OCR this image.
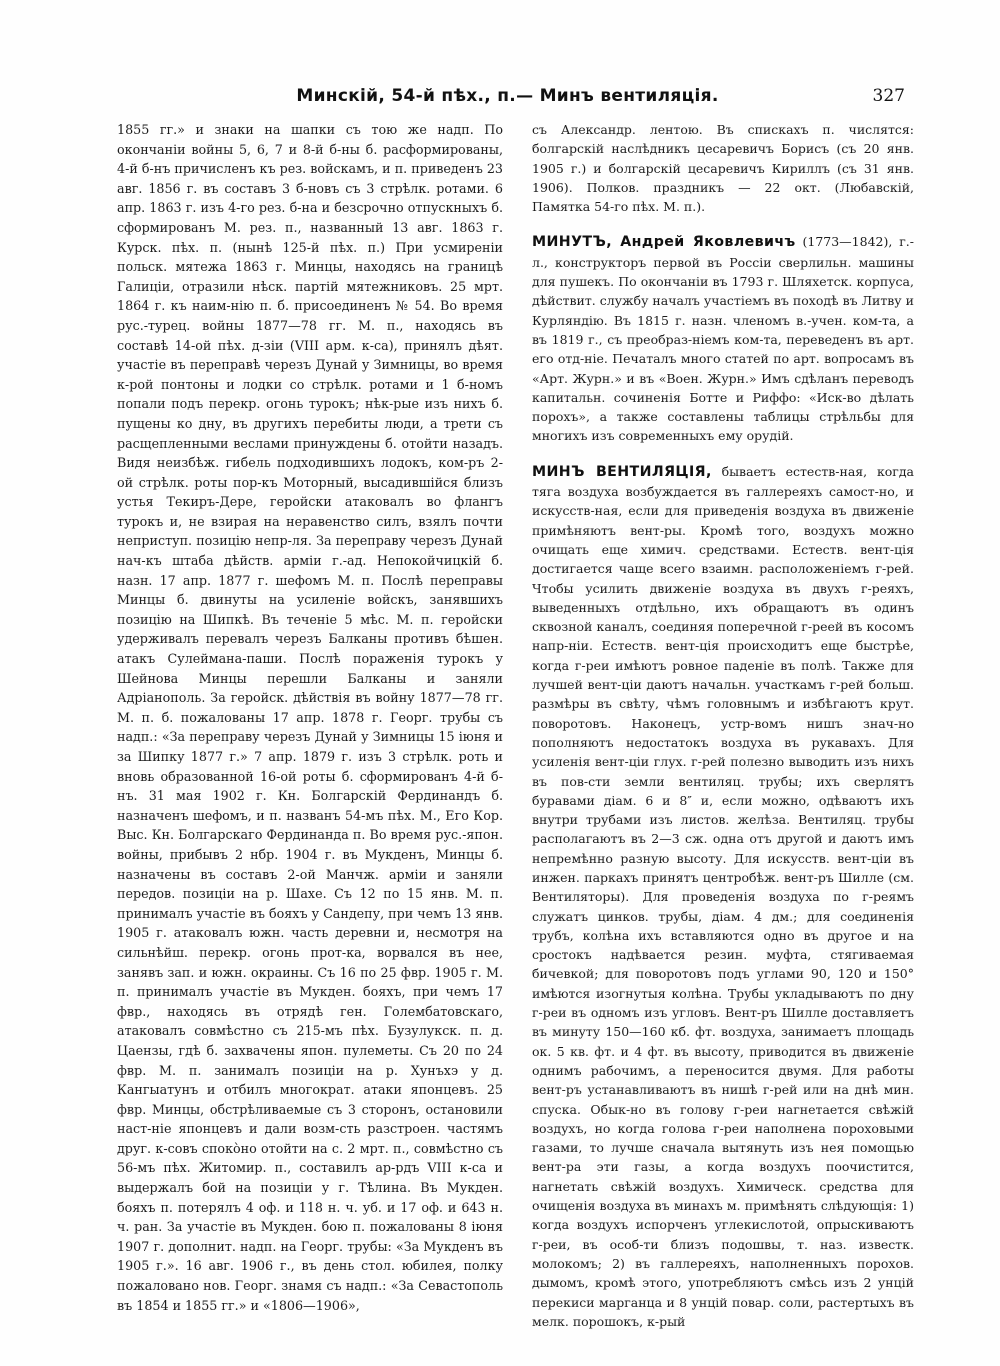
Минскій, 54-й пѣх., п.— Минъ вентиляція.	327

1855 гг.» и знаки на шапки съ тою же надп. По окончаніи войны 5, 6, 7 и 8-й б-ны б. расформированы, 4-й б-нъ причисленъ къ рез. войскамъ, и п. приведенъ 23 авг. 1856 г. въ составъ 3 б-новъ съ 3 стрѣлк. ротами. 6 апр. 1863 г. изъ 4-го рез. б-на и безсрочно отпускныхъ б. сформированъ М. рез. п., названный 13 авг. 1863 г. Курск. пѣх. п. (нынѣ 125-й пѣх. п.) При усмиреніи польск. мятежа 1863 г. Минцы, находясь на границѣ Галиціи, отразили нѣск. партій мятежниковъ. 25 мрт. 1864 г. къ наим-нію п. б. присоединенъ № 54. Во время рус.-турец. войны 1877—78 гг. М. п., находясь въ составѣ 14-ой пѣх. д-зіи (VIII арм. к-са), принялъ дѣят. участіе въ переправѣ черезъ Дунай у Зимницы, во время к-рой понтоны и лодки со стрѣлк. ротами и 1 б-номъ попали подъ перекр. огонь турокъ; нѣк-рые изъ нихъ б. пущены ко дну, въ другихъ перебиты люди, а трети съ расщепленными веслами принуждены б. отойти назадъ. Видя неизбѣж. гибель подходившихъ лодокъ, ком-ръ 2-ой стрѣлк. роты пор-къ Моторный, высадившійся близъ устья Текиръ-Дере, геройски атаковалъ во флангъ турокъ и, не взирая на неравенство силъ, взялъ почти неприступ. позицію непр-ля. За переправу черезъ Дунай нач-къ штаба дѣйств. арміи г.-ад. Непокойчицкій б. назн. 17 апр. 1877 г. шефомъ М. п. Послѣ переправы Минцы б. двинуты на усиленіе войскъ, занявшихъ позицію на Шипкѣ. Въ теченіе 5 мѣс. М. п. геройски удерживалъ перевалъ черезъ Балканы противъ бѣшен. атакъ Сулеймана-паши. Послѣ пораженія турокъ у Шейнова Минцы перешли Балканы и заняли Адріанополь. За геройск. дѣйствія въ войну 1877—78 гг. М. п. б. пожалованы 17 апр. 1878 г. Георг. трубы съ надп.: «За переправу черезъ Дунай у Зимницы 15 іюня и за Шипку 1877 г.» 7 апр. 1879 г. изъ 3 стрѣлк. роть и вновь образованной 16-ой роты б. сформированъ 4-й б-нъ. 31 мая 1902 г. Кн. Болгарскій Фердинандъ б. назначенъ шефомъ, и п. названъ 54-мъ пѣх. М., Его Кор. Выс. Кн. Болгарскаго Фердинанда п. Во время рус.-япон. войны, прибывъ 2 нбр. 1904 г. въ Мукденъ, Минцы б. назначены въ составъ 2-ой Манчж. арміи и заняли передов. позиціи на р. Шахе. Съ 12 по 15 янв. М. п. принималъ участіе въ бояхъ у Сандепу, при чемъ 13 янв. 1905 г. атаковалъ южн. часть деревни и, несмотря на сильнѣйш. перекр. огонь прот-ка, ворвался въ нее, занявъ зап. и южн. окраины. Съ 16 по 25 фвр. 1905 г. М. п. принималъ участіе въ Мукден. бояхъ, при чемъ 17 фвр., находясь въ отрядѣ ген. Голембатовскаго, атаковалъ совмѣстно съ 215-мъ пѣх. Бузулукск. п. д. Цаензы, гдѣ б. захвачены япон. пулеметы. Съ 20 по 24 фвр. М. п. занималъ позиціи на р. Хунъхэ у д. Кангыатунъ и отбилъ многократ. атаки японцевъ. 25 фвр. Минцы, обстрѣливаемые съ 3 сторонъ, остановили наст-ніе японцевъ и дали возм-сть разстроен. частямъ друг. к-совъ споко̀но отойти на с. 2 мрт. п., совмѣстно съ 56-мъ пѣх. Житомир. п., составилъ ар-рдъ VIII к-са и выдержалъ бой на позиціи у г. Тѣлина. Въ Мукден. бояхъ п. потерялъ 4 оф. и 118 н. ч. уб. и 17 оф. и 643 н. ч. ран. За участіе въ Мукден. бою п. пожалованы 8 іюня 1907 г. дополнит. надп. на Георг. трубы: «За Мукденъ въ 1905 г.». 16 авг. 1906 г., въ день стол. юбилея, полку пожалованo нов. Георг. знамя съ надп.: «За Севастополь въ 1854 и 1855 гг.» и «1806—1906»,

съ Александр. лентою. Въ спискахъ п. числятся: болгарскій наслѣдникъ цесаревичъ Борисъ (съ 20 янв. 1905 г.) и болгарскій цесаревичъ Кириллъ (съ 31 янв. 1906). Полков. праздникъ — 22 окт. (Любавскій, Памятка 54-го пѣх. М. п.).

МИНУТЪ, Андрей Яковлевичъ (1773—1842), г.-л., конструкторъ первой въ Россіи сверлильн. машины для пушекъ. По окончаніи въ 1793 г. Шляхетск. корпуса, дѣйствит. службу началъ участіемъ въ походѣ въ Литву и Курляндію. Въ 1815 г. назн. членомъ в.-учен. ком-та, а въ 1819 г., съ преобраз-ніемъ ком-та, переведенъ въ арт. его отд-ніе. Печаталъ много статей по арт. вопросамъ въ «Арт. Журн.» и въ «Воен. Журн.» Имъ сдѣланъ переводъ капитальн. сочиненія Ботте и Риффо: «Иск-во дѣлать пороxъ», а также составлены таблицы стрѣльбы для многихъ изъ современныхъ ему орудій.

МИНЪ ВЕНТИЛЯЦІЯ, бываетъ естеств-ная, когда тяга воздуха возбуждается въ галлереяхъ самост-но, и искусств-ная, если для приведенія воздуха въ движеніе примѣняютъ вент-ры. Кромѣ того, воздухъ можно очищать еще химич. средствами. Естеств. вент-ція достигается чаще всего взаимн. расположеніемъ г-рей. Чтобы усилить движеніе воздуха въ двухъ г-реяхъ, выведенныхъ отдѣльно, ихъ обращаютъ въ одинъ сквозной каналъ, соединяя поперечной г-реей въ косомъ напр-ніи. Естеств. вент-ція происходитъ еще быстрѣе, когда г-реи имѣютъ ровное паденіе въ полѣ. Также для лучшей вент-ціи даютъ начальн. участкамъ г-рей больш. размѣры въ свѣту, чѣмъ головнымъ и избѣгаютъ крут. поворотовъ. Наконецъ, устр-вомъ нишъ знач-но пополняютъ недостатокъ воздуха въ рукавахъ. Для усиленія вент-ціи глух. г-рей полезно выводить изъ нихъ въ пов-сти земли вентиляц. трубы; ихъ сверлятъ буравами діам. 6 и 8″ и, если можно, одѣваютъ ихъ внутри трубами изъ листов. желѣза. Вентиляц. трубы располагаютъ въ 2—3 сж. одна отъ другой и даютъ имъ непремѣнно разную высоту. Для искусств. вент-ціи въ инжен. паркахъ принятъ центробѣж. вент-ръ Шилле (см. Вентиляторы). Для проведенія воздуха по г-реямъ служатъ цинков. трубы, діам. 4 дм.; для соединенія трубъ, колѣна ихъ вставляются одно въ другое и на сростокъ надѣвается резин. муфта, стягиваемая бичевкой; для поворотовъ подъ углами 90, 120 и 150° имѣются изогнутыя колѣна. Трубы укладываютъ по дну г-реи въ одномъ изъ угловъ. Вент-ръ Шилле доставляетъ въ минуту 150—160 кб. фт. воздуха, занимаетъ площадь ок. 5 кв. фт. и 4 фт. въ высоту, приводится въ движеніе однимъ рабочимъ, а переносится двумя. Для работы вент-ръ устанавливаютъ въ нишѣ г-рей или на днѣ мин. спуска. Обык-но въ голову г-реи нагнетается свѣжій воздухъ, но когда голова г-реи наполнена пороховыми газами, то лучше сначала вытянуть изъ нея помощью вент-ра эти газы, а когда воздухъ поочистится, нагнетать свѣжій воздухъ. Химическ. средства для очищенія воздуха въ минахъ м. примѣнять слѣдующія: 1) когда воздухъ испорченъ углекислотой, опрыскиваютъ г-реи, въ особ-ти близъ подошвы, т. наз. известк. молокомъ; 2) въ галлереяхъ, наполненныхъ порохов. дымомъ, кромѣ этого, употребляютъ смѣсь изъ 2 унцій перекиси марганца и 8 унцій повар. соли, растертыхъ въ мелк. порошокъ, к-рый
